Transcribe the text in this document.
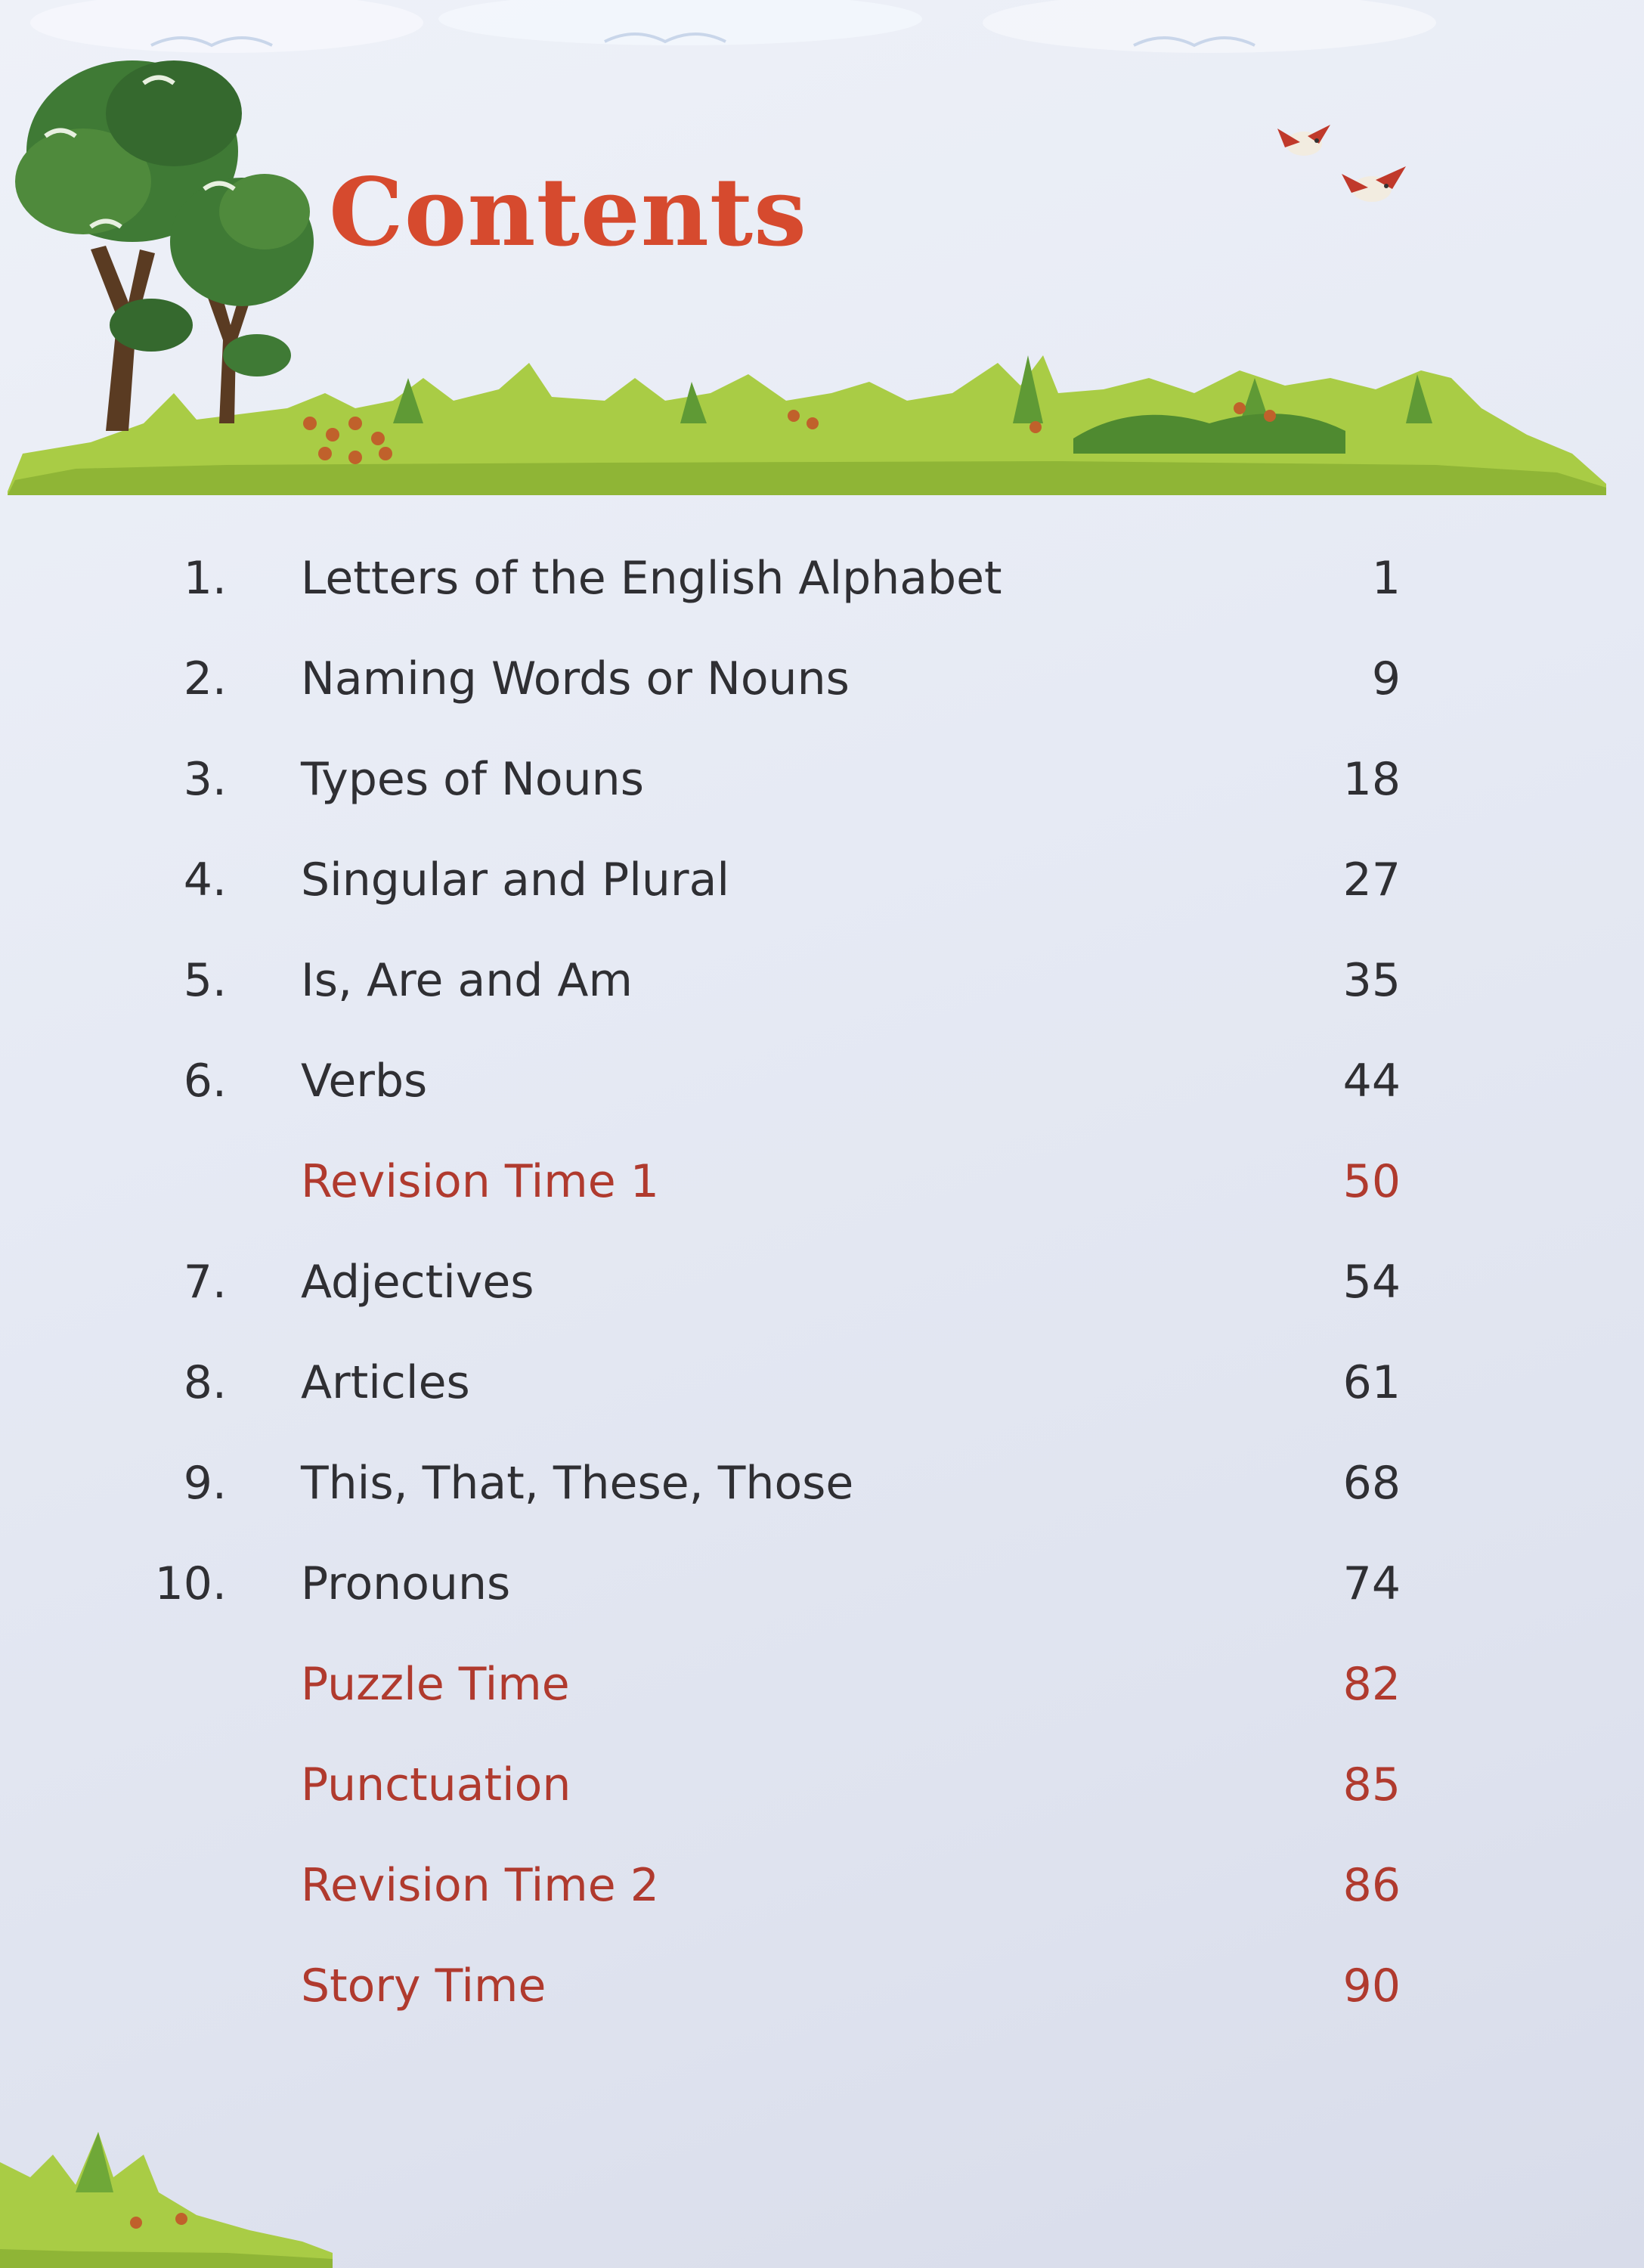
Contents
1. Letters of the English Alphabet	1
2. Naming Words or Nouns	9
3. Types of Nouns	18
4. Singular and Plural	27
5. Is, Are and Am	35
6. Verbs	44
Revision Time 1	50
7. Adjectives	54
8. Articles	61
9. This, That, These, Those	68
10. Pronouns	74
Puzzle Time	82
Punctuation	85
Revision Time 2	86
Story Time	90
